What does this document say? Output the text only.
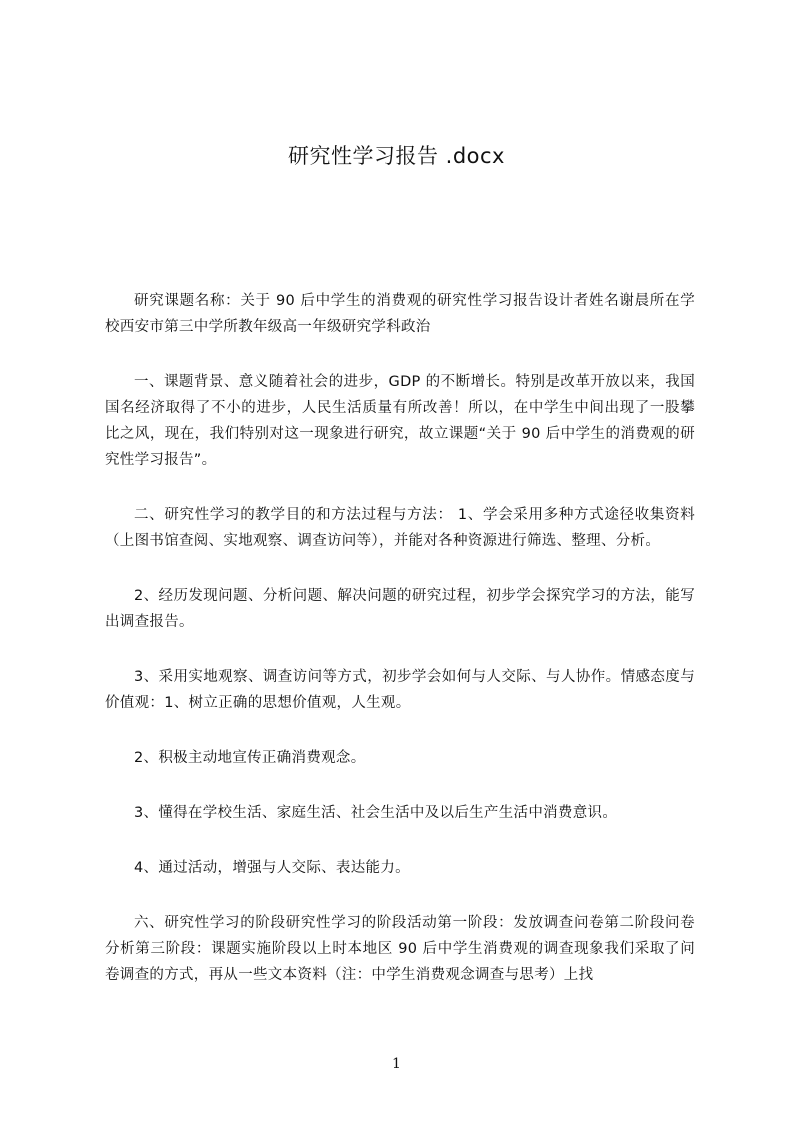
研究性学习报告 .docx

研究课题名称：关于 90 后中学生的消费观的研究性学习报告设计者姓名谢晨所在学校西安市第三中学所教年级高一年级研究学科政治

一、课题背景、意义随着社会的进步，GDP 的不断增长。特别是改革开放以来，我国国名经济取得了不小的进步，人民生活质量有所改善！所以，在中学生中间出现了一股攀比之风，现在，我们特别对这一现象进行研究，故立课题“关于 90 后中学生的消费观的研究性学习报告”。

二、研究性学习的教学目的和方法过程与方法： 1、学会采用多种方式途径收集资料（上图书馆查阅、实地观察、调查访问等），并能对各种资源进行筛选、整理、分析。

2、经历发现问题、分析问题、解决问题的研究过程，初步学会探究学习的方法，能写出调查报告。

3、采用实地观察、调查访问等方式，初步学会如何与人交际、与人协作。情感态度与价值观：1、树立正确的思想价值观，人生观。

2、积极主动地宣传正确消费观念。

3、懂得在学校生活、家庭生活、社会生活中及以后生产生活中消费意识。

4、通过活动，增强与人交际、表达能力。

六、研究性学习的阶段研究性学习的阶段活动第一阶段：发放调查问卷第二阶段问卷分析第三阶段：课题实施阶段以上时本地区 90 后中学生消费观的调查现象我们采取了问卷调查的方式，再从一些文本资料（注：中学生消费观念调查与思考）上找

1
